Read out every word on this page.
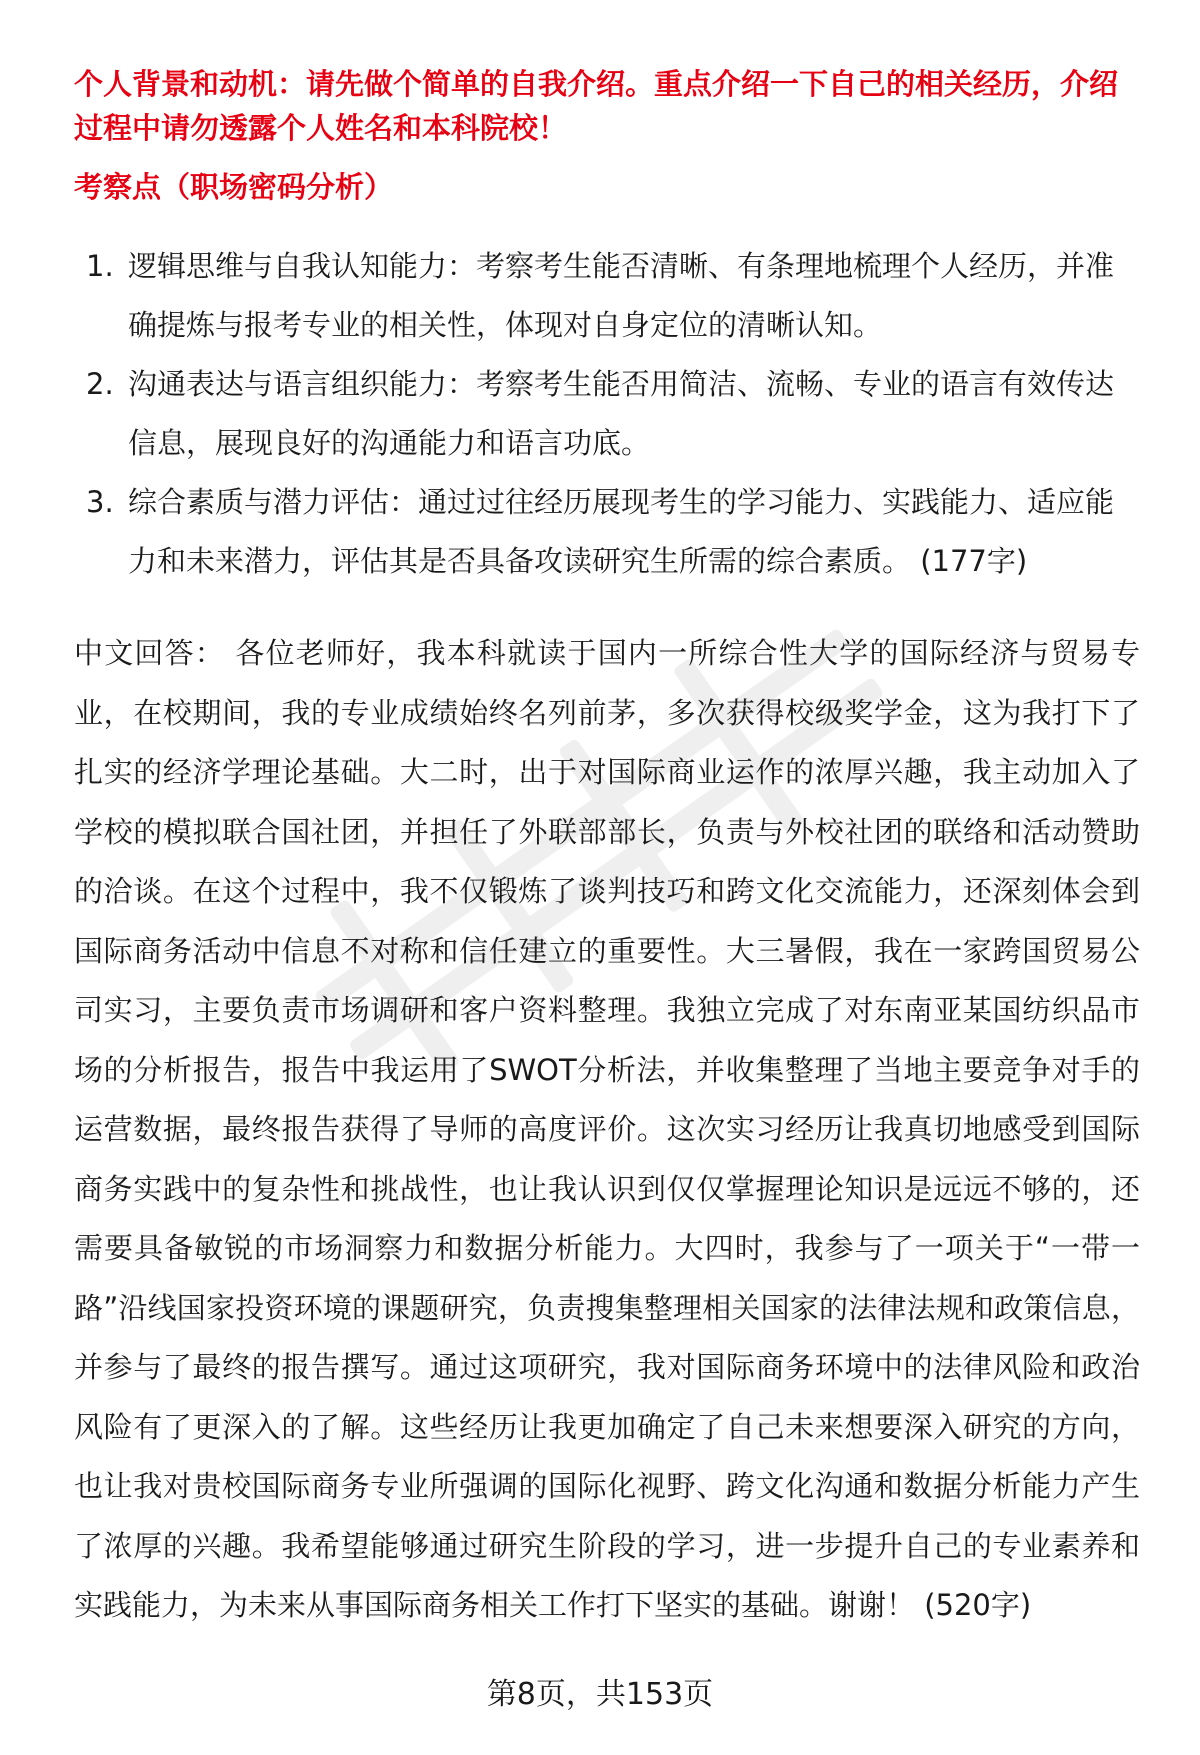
个人背景和动机：请先做个简单的自我介绍。重点介绍一下自己的相关经历，介绍过程中请勿透露个人姓名和本科院校！

考察点（职场密码分析）

1. 逻辑思维与自我认知能力：考察考生能否清晰、有条理地梳理个人经历，并准确提炼与报考专业的相关性，体现对自身定位的清晰认知。
2. 沟通表达与语言组织能力：考察考生能否用简洁、流畅、专业的语言有效传达信息，展现良好的沟通能力和语言功底。
3. 综合素质与潜力评估：通过过往经历展现考生的学习能力、实践能力、适应能力和未来潜力，评估其是否具备攻读研究生所需的综合素质。 (177字)

中文回答： 各位老师好，我本科就读于国内一所综合性大学的国际经济与贸易专业，在校期间，我的专业成绩始终名列前茅，多次获得校级奖学金，这为我打下了扎实的经济学理论基础。大二时，出于对国际商业运作的浓厚兴趣，我主动加入了学校的模拟联合国社团，并担任了外联部部长，负责与外校社团的联络和活动赞助的洽谈。在这个过程中，我不仅锻炼了谈判技巧和跨文化交流能力，还深刻体会到国际商务活动中信息不对称和信任建立的重要性。大三暑假，我在一家跨国贸易公司实习，主要负责市场调研和客户资料整理。我独立完成了对东南亚某国纺织品市场的分析报告，报告中我运用了SWOT分析法，并收集整理了当地主要竞争对手的运营数据，最终报告获得了导师的高度评价。这次实习经历让我真切地感受到国际商务实践中的复杂性和挑战性，也让我认识到仅仅掌握理论知识是远远不够的，还需要具备敏锐的市场洞察力和数据分析能力。大四时，我参与了一项关于“一带一路”沿线国家投资环境的课题研究，负责搜集整理相关国家的法律法规和政策信息，并参与了最终的报告撰写。通过这项研究，我对国际商务环境中的法律风险和政治风险有了更深入的了解。这些经历让我更加确定了自己未来想要深入研究的方向，也让我对贵校国际商务专业所强调的国际化视野、跨文化沟通和数据分析能力产生了浓厚的兴趣。我希望能够通过研究生阶段的学习，进一步提升自己的专业素养和实践能力，为未来从事国际商务相关工作打下坚实的基础。谢谢！ (520字)

第8页，共153页
